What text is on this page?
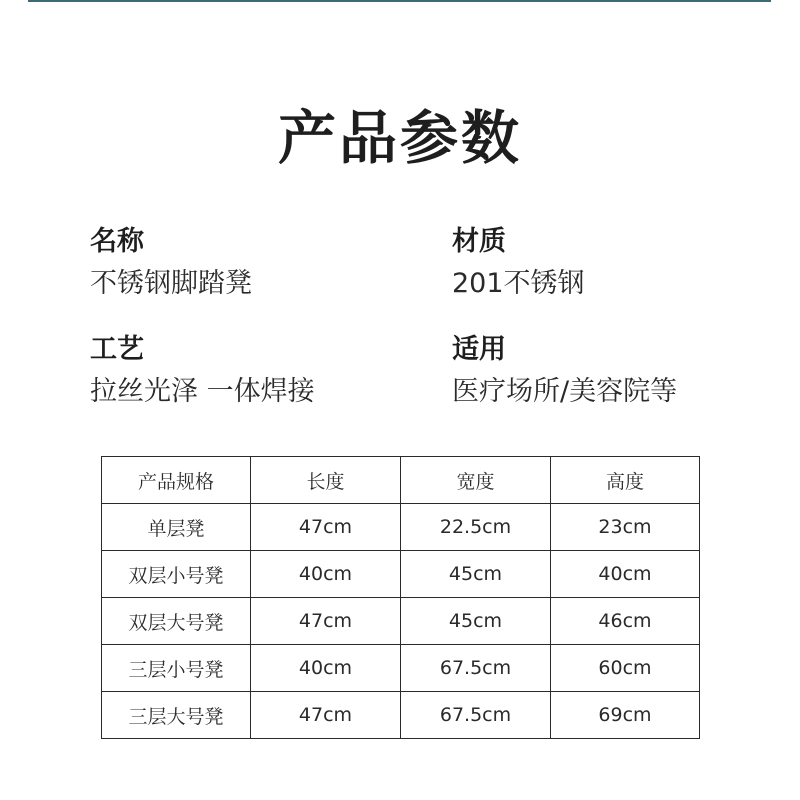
产品参数
名称
不锈钢脚踏凳
材质
201不锈钢
工艺
拉丝光泽 一体焊接
适用
医疗场所/美容院等
产品规格	长度	宽度	高度
单层凳	47cm	22.5cm	23cm
双层小号凳	40cm	45cm	40cm
双层大号凳	47cm	45cm	46cm
三层小号凳	40cm	67.5cm	60cm
三层大号凳	47cm	67.5cm	69cm
